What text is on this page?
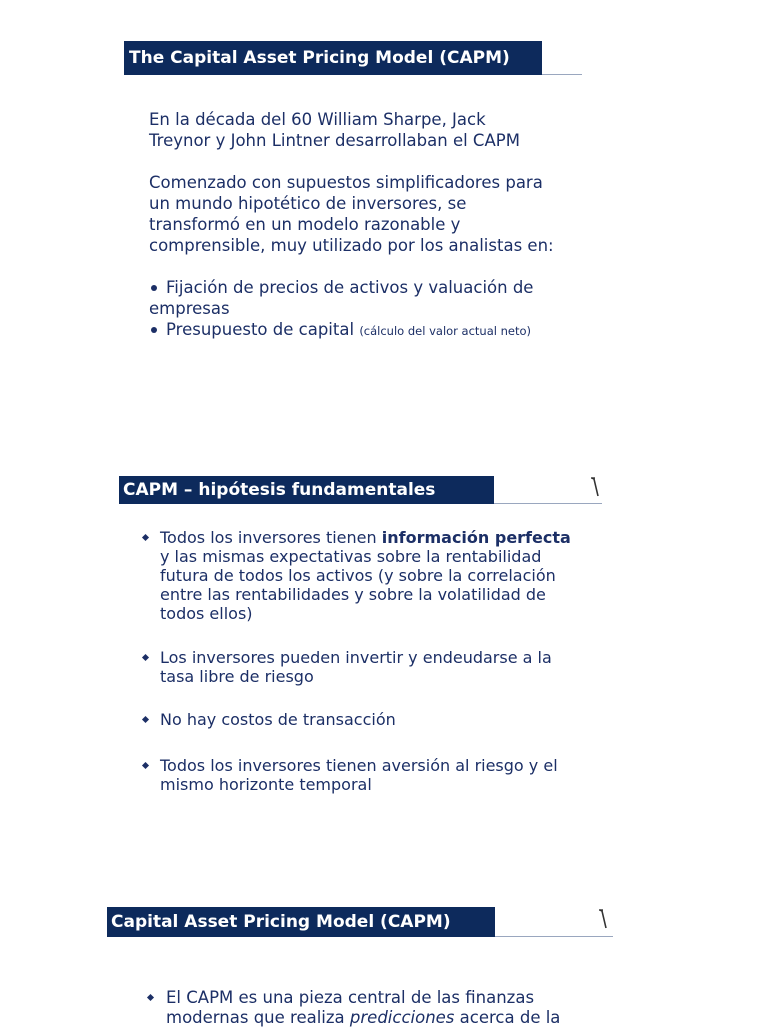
The Capital Asset Pricing Model (CAPM)
En la década del 60 William Sharpe, Jack
Treynor y John Lintner desarrollaban el CAPM
Comenzado con supuestos simplificadores para
un mundo hipotético de inversores, se
transformó en un modelo razonable y
comprensible, muy utilizado por los analistas en:
Fijación de precios de activos y valuación de
empresas
Presupuesto de capital (cálculo del valor actual neto)
CAPM – hipótesis fundamentales
Todos los inversores tienen información perfecta
y las mismas expectativas sobre la rentabilidad
futura de todos los activos (y sobre la correlación
entre las rentabilidades y sobre la volatilidad de
todos ellos)
Los inversores pueden invertir y endeudarse a la
tasa libre de riesgo
No hay costos de transacción
Todos los inversores tienen aversión al riesgo y el
mismo horizonte temporal
Capital Asset Pricing Model (CAPM)
El CAPM es una pieza central de las finanzas
modernas que realiza predicciones acerca de la
